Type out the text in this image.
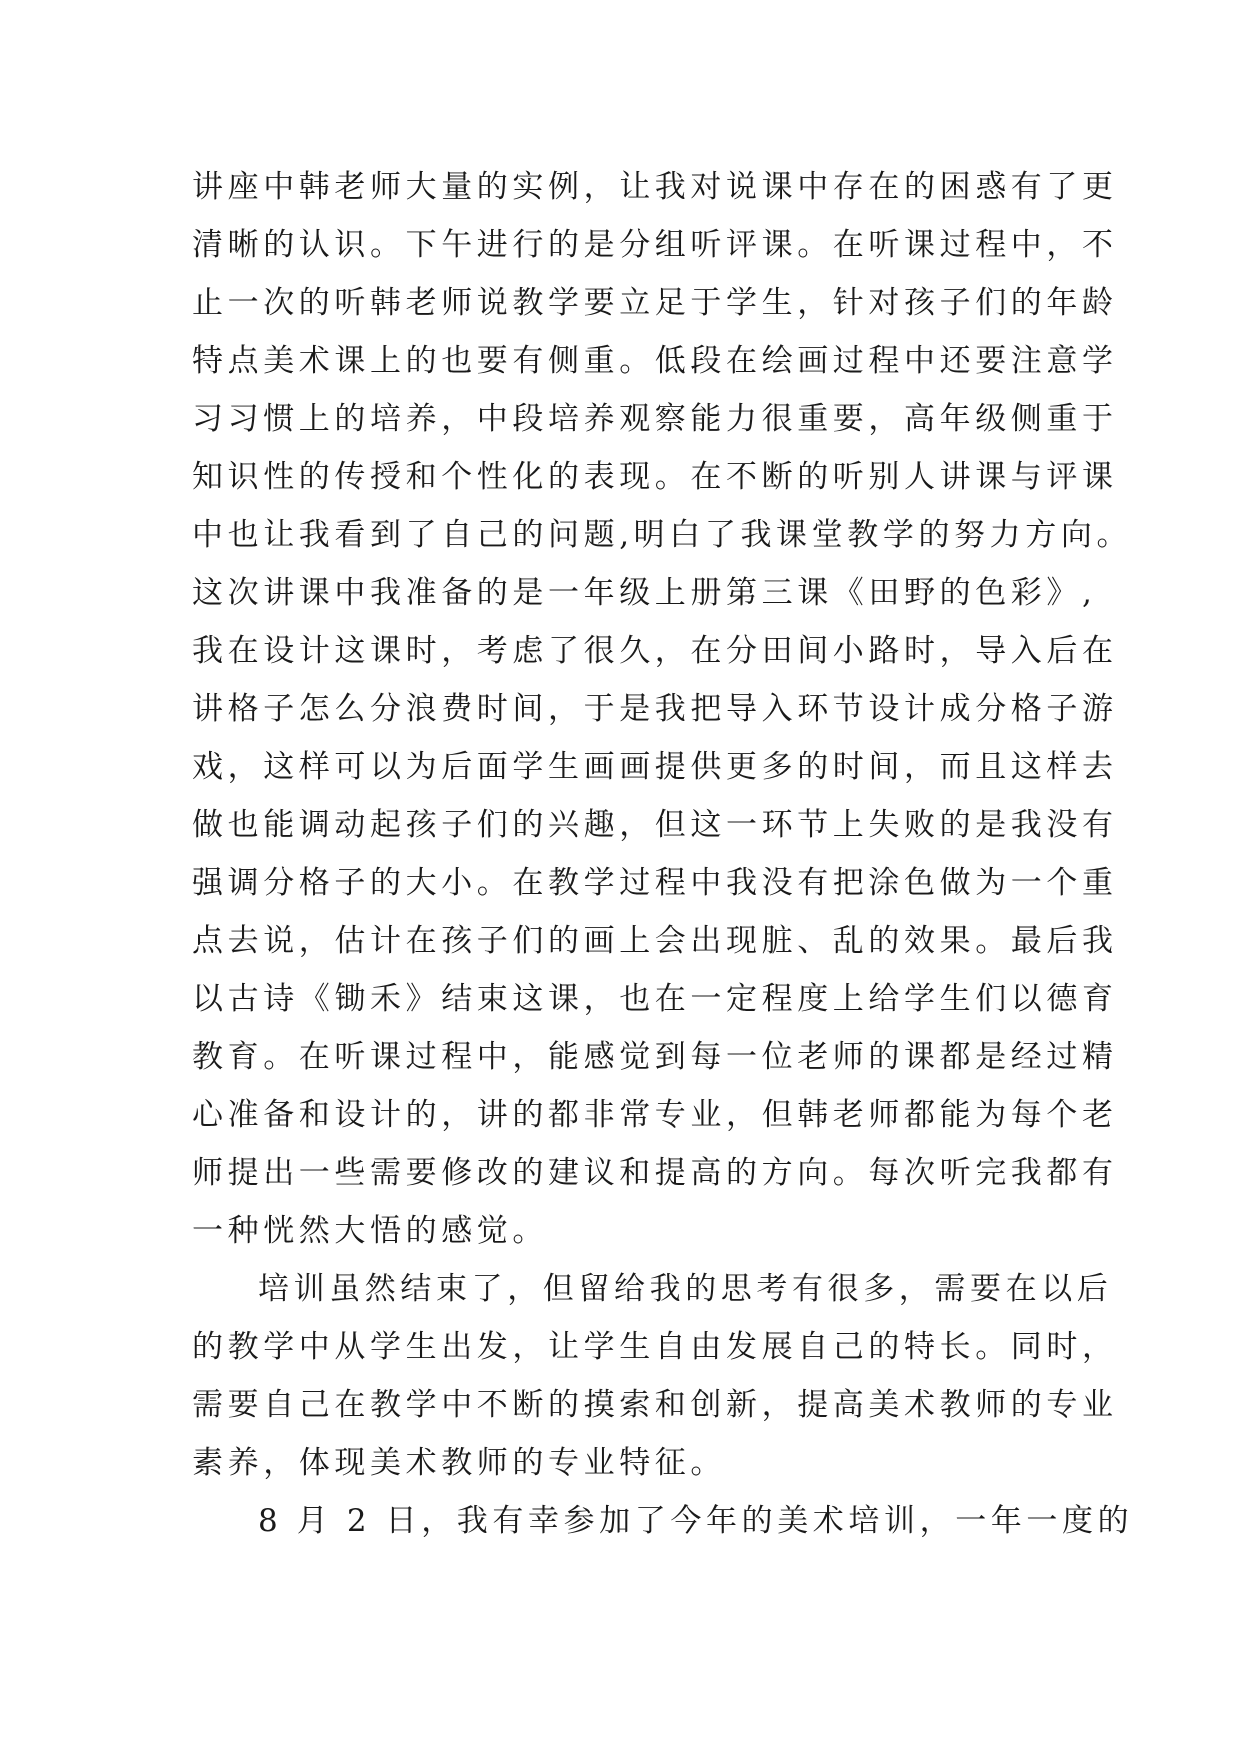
讲座中韩老师大量的实例，让我对说课中存在的困惑有了更
清晰的认识。下午进行的是分组听评课。在听课过程中，不
止一次的听韩老师说教学要立足于学生，针对孩子们的年龄
特点美术课上的也要有侧重。低段在绘画过程中还要注意学
习习惯上的培养，中段培养观察能力很重要，高年级侧重于
知识性的传授和个性化的表现。在不断的听别人讲课与评课
中也让我看到了自己的问题,明白了我课堂教学的努力方向。
这次讲课中我准备的是一年级上册第三课《田野的色彩》,
我在设计这课时，考虑了很久，在分田间小路时，导入后在
讲格子怎么分浪费时间，于是我把导入环节设计成分格子游
戏，这样可以为后面学生画画提供更多的时间，而且这样去
做也能调动起孩子们的兴趣，但这一环节上失败的是我没有
强调分格子的大小。在教学过程中我没有把涂色做为一个重
点去说，估计在孩子们的画上会出现脏、乱的效果。最后我
以古诗《锄禾》结束这课，也在一定程度上给学生们以德育
教育。在听课过程中，能感觉到每一位老师的课都是经过精
心准备和设计的，讲的都非常专业，但韩老师都能为每个老
师提出一些需要修改的建议和提高的方向。每次听完我都有
一种恍然大悟的感觉。
培训虽然结束了，但留给我的思考有很多，需要在以后
的教学中从学生出发，让学生自由发展自己的特长。同时，
需要自己在教学中不断的摸索和创新，提高美术教师的专业
素养，体现美术教师的专业特征。
8 月 2 日，我有幸参加了今年的美术培训，一年一度的
